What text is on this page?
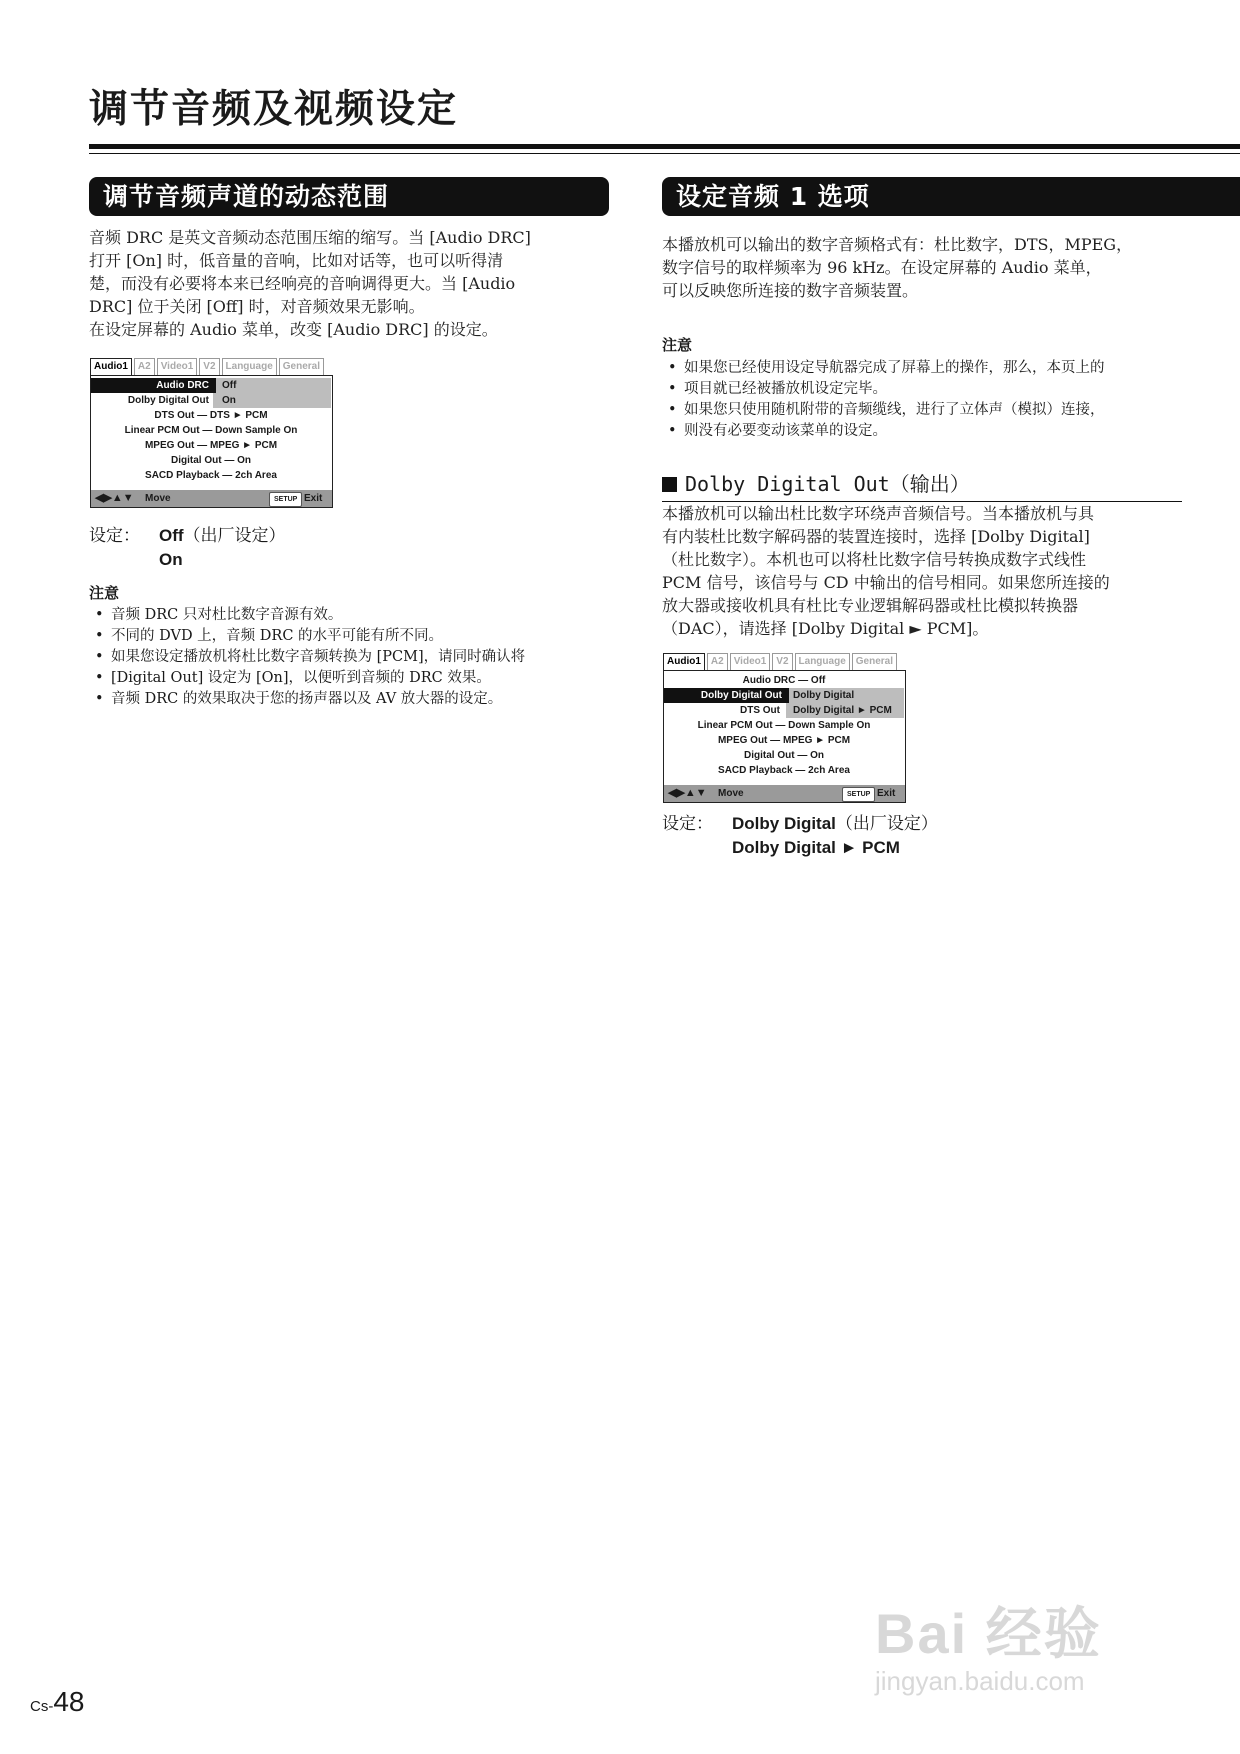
调节音频及视频设定
调节音频声道的动态范围

音频 DRC 是英文音频动态范围压缩的缩写。当 [Audio DRC]

打开 [On] 时，低音量的音响，比如对话等，也可以听得清

楚，而没有必要将本来已经响亮的音响调得更大。当 [Audio

DRC] 位于关闭 [Off] 时，对音频效果无影响。

在设定屏幕的 Audio 菜单，改变 [Audio DRC] 的设定。

Audio1	A2	Video1	V2	Language	General
Audio DRC	Off
Dolby Digital Out	On
DTS Out — DTS ► PCM
Linear PCM Out — Down Sample On
MPEG Out — MPEG ► PCM
Digital Out — On
SACD Playback — 2ch Area
◀▶▲▼ Move	SETUP Exit
设定： Off（出厂设定）
On
注意
• 音频 DRC 只对杜比数字音源有效。
• 不同的 DVD 上，音频 DRC 的水平可能有所不同。
• 如果您设定播放机将杜比数字音频转换为 [PCM]，请同时确认将
• [Digital Out] 设定为 [On]，以便听到音频的 DRC 效果。
• 音频 DRC 的效果取决于您的扬声器以及 AV 放大器的设定。
设定音频 1 选项

本播放机可以输出的数字音频格式有：杜比数字，DTS，MPEG，

数字信号的取样频率为 96 kHz。在设定屏幕的 Audio 菜单，

可以反映您所连接的数字音频装置。

注意
• 如果您已经使用设定导航器完成了屏幕上的操作，那么，本页上的
• 项目就已经被播放机设定完毕。
• 如果您只使用随机附带的音频缆线，进行了立体声（模拟）连接，
• 则没有必要变动该菜单的设定。
Dolby Digital Out（输出）

本播放机可以输出杜比数字环绕声音频信号。当本播放机与具

有内装杜比数字解码器的装置连接时，选择 [Dolby Digital]

（杜比数字）。本机也可以将杜比数字信号转换成数字式线性

PCM 信号，该信号与 CD 中输出的信号相同。如果您所连接的

放大器或接收机具有杜比专业逻辑解码器或杜比模拟转换器

（DAC），请选择 [Dolby Digital ► PCM]。

Audio1	A2	Video1	V2	Language	General
Audio DRC — Off
Dolby Digital Out	Dolby Digital
DTS Out	Dolby Digital ► PCM
Linear PCM Out — Down Sample On
MPEG Out — MPEG ► PCM
Digital Out — On
SACD Playback — 2ch Area
◀▶▲▼ Move	SETUP Exit
设定： Dolby Digital（出厂设定）
Dolby Digital ► PCM
Cs-48
Bai 经验
jingyan.baidu.com
